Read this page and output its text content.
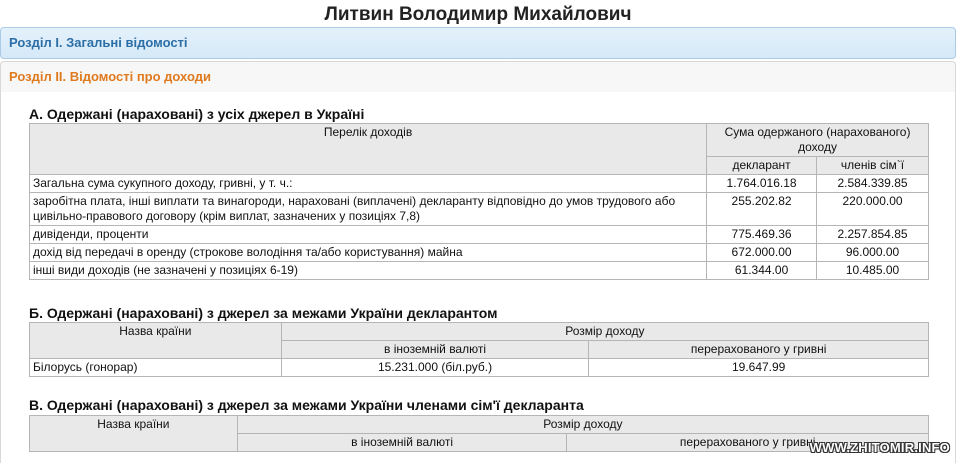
Литвин Володимир Михайлович
Розділ I. Загальні відомості
Розділ II. Відомості про доходи
А. Одержані (нараховані) з усіх джерел в Україні
Перелік доходів	Сума одержаного (нарахованого) доходу	
	декларант	членів сім`ї
Загальна сума сукупного доходу, гривні, у т. ч.:	1.764.016.18	2.584.339.85
заробітна плата, інші виплати та винагороди, нараховані (виплачені) декларанту відповідно до умов трудового або цивільно-правового договору (крім виплат, зазначених у позиціях 7,8)	255.202.82	220.000.00
дивіденди, проценти	775.469.36	2.257.854.85
дохід від передачі в оренду (строкове володіння та/або користування) майна	672.000.00	96.000.00
інші види доходів (не зазначені у позиціях 6-19)	61.344.00	10.485.00
Б. Одержані (нараховані) з джерел за межами України декларантом
Назва країни	Розмір доходу	
	в іноземній валюті	перерахованого у гривні
Білорусь (гонорар)	15.231.000 (біл.руб.)	19.647.99
В. Одержані (нараховані) з джерел за межами України членами сім'ї декларанта
Назва країни	Розмір доходу	
	в іноземній валюті	перерахованого у гривні
WWW.ZHITOMIR.INFO
